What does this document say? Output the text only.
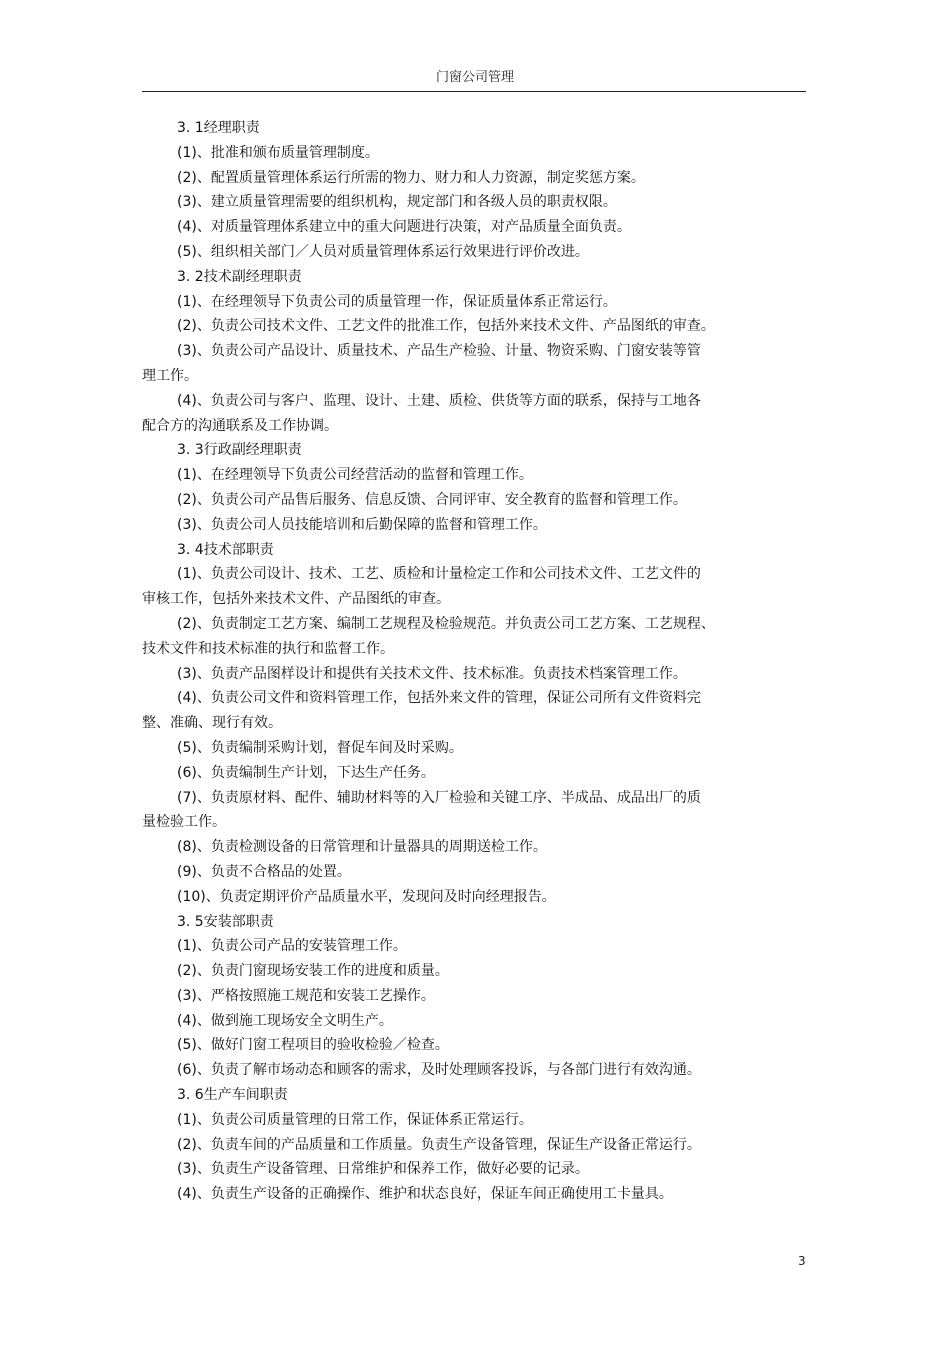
门窗公司管理
3. 1经理职责
(1)、批准和颁布质量管理制度。
(2)、配置质量管理体系运行所需的物力、财力和人力资源，制定奖惩方案。
(3)、建立质量管理需要的组织机构，规定部门和各级人员的职责权限。
(4)、对质量管理体系建立中的重大问题进行决策，对产品质量全面负责。
(5)、组织相关部门／人员对质量管理体系运行效果进行评价改进。
3. 2技术副经理职责
(1)、在经理领导下负责公司的质量管理一作，保证质量体系正常运行。
(2)、负责公司技术文件、工艺文件的批准工作，包括外来技术文件、产品图纸的审查。
(3)、负责公司产品设计、质量技术、产品生产检验、计量、物资采购、门窗安装等管
理工作。
(4)、负责公司与客户、监理、设计、土建、质检、供货等方面的联系，保持与工地各
配合方的沟通联系及工作协调。
3. 3行政副经理职责
(1)、在经理领导下负责公司经营活动的监督和管理工作。
(2)、负责公司产品售后服务、信息反馈、合同评审、安全教育的监督和管理工作。
(3)、负责公司人员技能培训和后勤保障的监督和管理工作。
3. 4技术部职责
(1)、负责公司设计、技术、工艺、质检和计量检定工作和公司技术文件、工艺文件的
审核工作，包括外来技术文件、产品图纸的审查。
(2)、负责制定工艺方案、编制工艺规程及检验规范。并负责公司工艺方案、工艺规程、
技术文件和技术标准的执行和监督工作。
(3)、负责产品图样设计和提供有关技术文件、技术标准。负责技术档案管理工作。
(4)、负责公司文件和资料管理工作，包括外来文件的管理，保证公司所有文件资料完
整、准确、现行有效。
(5)、负责编制采购计划，督促车间及时采购。
(6)、负责编制生产计划，下达生产任务。
(7)、负责原材料、配件、辅助材料等的入厂检验和关键工序、半成品、成品出厂的质
量检验工作。
(8)、负责检测设备的日常管理和计量器具的周期送检工作。
(9)、负责不合格品的处置。
(10)、负责定期评价产品质量水平，发现问及时向经理报告。
3. 5安装部职责
(1)、负责公司产品的安装管理工作。
(2)、负责门窗现场安装工作的进度和质量。
(3)、严格按照施工规范和安装工艺操作。
(4)、做到施工现场安全文明生产。
(5)、做好门窗工程项目的验收检验／检查。
(6)、负责了解市场动态和顾客的需求，及时处理顾客投诉，与各部门进行有效沟通。
3. 6生产车间职责
(1)、负责公司质量管理的日常工作，保证体系正常运行。
(2)、负责车间的产品质量和工作质量。负责生产设备管理，保证生产设备正常运行。
(3)、负责生产设备管理、日常维护和保养工作，做好必要的记录。
(4)、负责生产设备的正确操作、维护和状态良好，保证车间正确使用工卡量具。
3
